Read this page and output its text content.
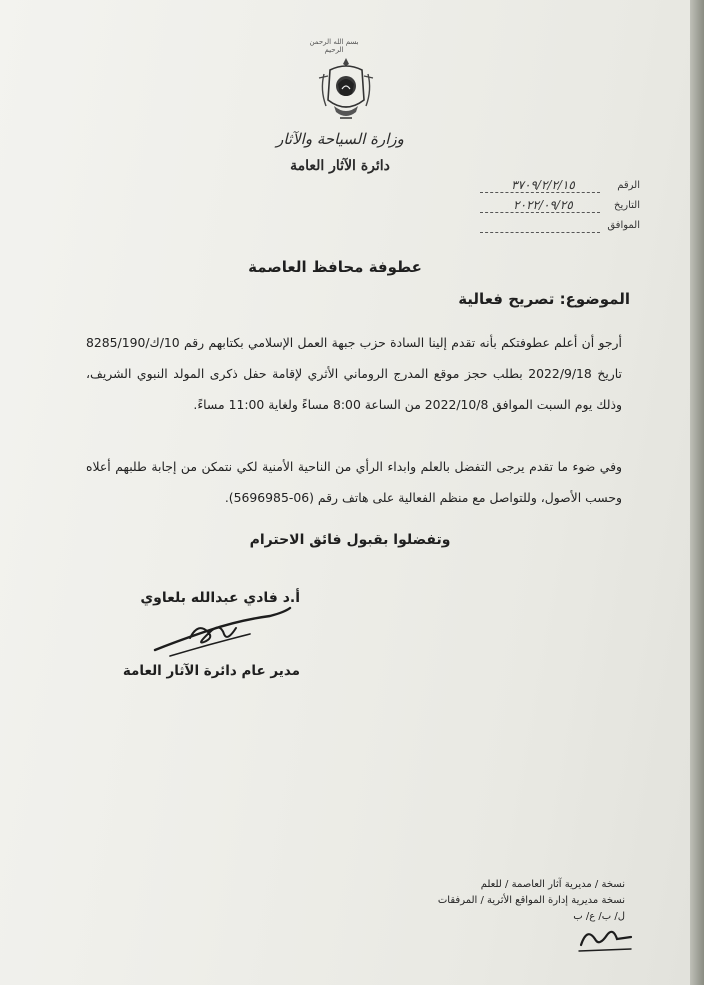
بسم الله الرحمن الرحيم
وزارة السياحة والآثار
دائرة الآثار العامة
الرقم
٣٧٠٩/٢/٢/١٥
التاريخ
٢٠٢٢/٠٩/٢٥
الموافق
عطوفة محافظ العاصمة
الموضوع: تصريح فعالية
أرجو أن أعلم عطوفتكم بأنه تقدم إلينا السادة حزب جبهة العمل الإسلامي بكتابهم رقم 10/ك/8285/190 تاريخ 2022/9/18 بطلب حجز موقع المدرج الروماني الأثري لإقامة حفل ذكرى المولد النبوي الشريف، وذلك يوم السبت الموافق 2022/10/8 من الساعة 8:00 مساءً ولغاية 11:00 مساءً.
وفي ضوء ما تقدم يرجى التفضل بالعلم وابداء الرأي من الناحية الأمنية لكي نتمكن من إجابة طلبهم أعلاه وحسب الأصول، وللتواصل مع منظم الفعالية على هاتف رقم (06-5696985).
وتفضلوا بقبول فائق الاحترام
أ.د فادي عبدالله بلعاوي
مدير عام دائرة الآثار العامة
نسخة / مديرية آثار العاصمة / للعلم
نسخة مديرية إدارة المواقع الأثرية / المرفقات
ل/ ب/ ع/ ب
